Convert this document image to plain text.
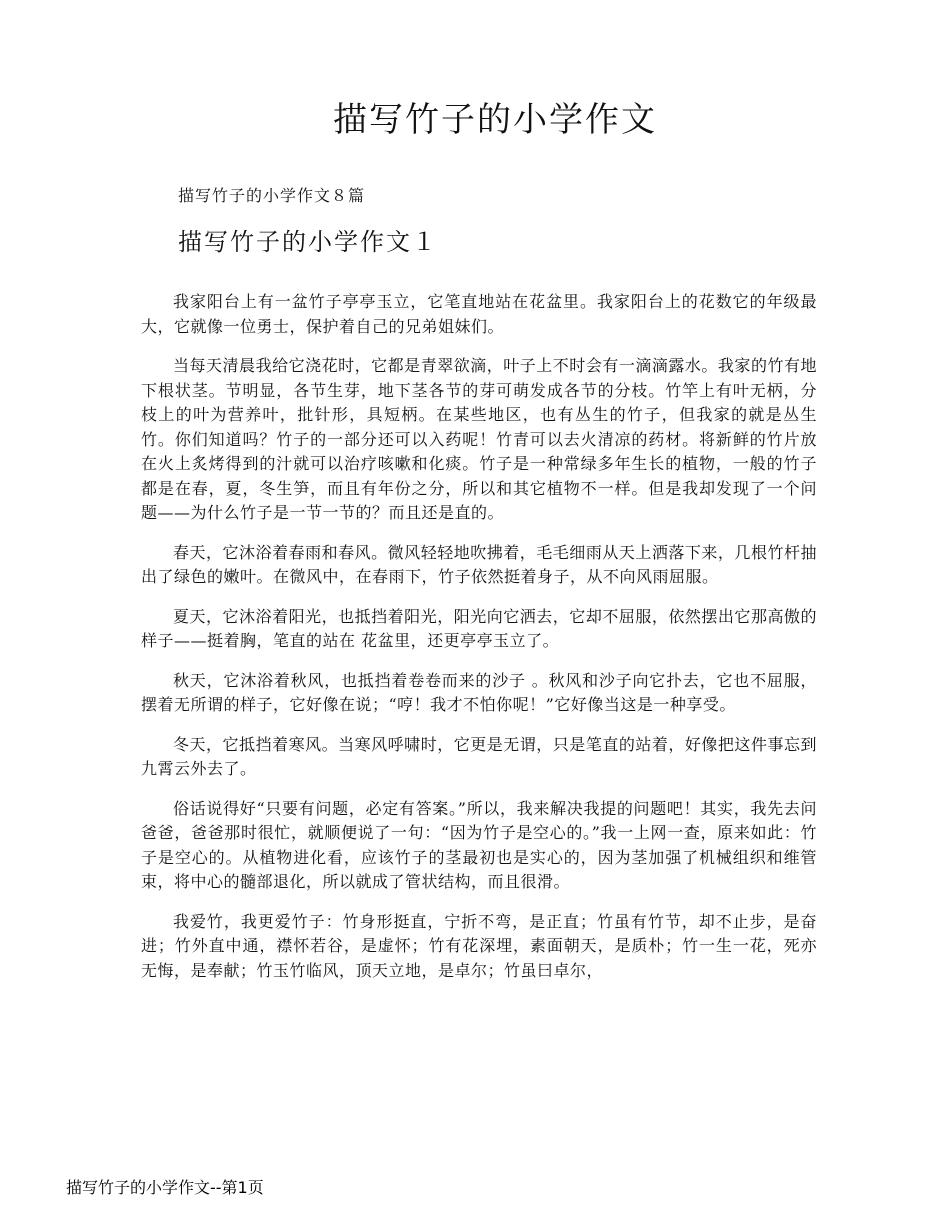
描写竹子的小学作文

描写竹子的小学作文８篇

描写竹子的小学作文１

我家阳台上有一盆竹子亭亭玉立，它笔直地站在花盆里。我家阳台上的花数它的年级最大，它就像一位勇士，保护着自己的兄弟姐妹们。

当每天清晨我给它浇花时，它都是青翠欲滴，叶子上不时会有一滴滴露水。我家的竹有地下根状茎。节明显，各节生芽，地下茎各节的芽可萌发成各节的分枝。竹竿上有叶无柄，分枝上的叶为营养叶，批针形，具短柄。在某些地区，也有丛生的竹子，但我家的就是丛生竹。你们知道吗？竹子的一部分还可以入药呢！竹青可以去火清凉的药材。将新鲜的竹片放在火上炙烤得到的汁就可以治疗咳嗽和化痰。竹子是一种常绿多年生长的植物，一般的竹子都是在春，夏，冬生笋，而且有年份之分，所以和其它植物不一样。但是我却发现了一个问题——为什么竹子是一节一节的？而且还是直的。

春天，它沐浴着春雨和春风。微风轻轻地吹拂着，毛毛细雨从天上洒落下来，几根竹杆抽出了绿色的嫩叶。在微风中，在春雨下，竹子依然挺着身子，从不向风雨屈服。

夏天，它沐浴着阳光，也抵挡着阳光，阳光向它洒去，它却不屈服，依然摆出它那高傲的样子——挺着胸，笔直的站在 花盆里，还更亭亭玉立了。

秋天，它沐浴着秋风，也抵挡着卷卷而来的沙子 。秋风和沙子向它扑去，它也不屈服，摆着无所谓的样子，它好像在说；“哼！我才不怕你呢！”它好像当这是一种享受。

冬天，它抵挡着寒风。当寒风呼啸时，它更是无谓，只是笔直的站着，好像把这件事忘到九霄云外去了。

俗话说得好“只要有问题，必定有答案。”所以，我来解决我提的问题吧！其实，我先去问爸爸，爸爸那时很忙，就顺便说了一句：“因为竹子是空心的。”我一上网一查，原来如此：竹子是空心的。从植物进化看，应该竹子的茎最初也是实心的，因为茎加强了机械组织和维管束，将中心的髓部退化，所以就成了管状结构，而且很滑。

我爱竹，我更爱竹子：竹身形挺直，宁折不弯，是正直；竹虽有竹节，却不止步，是奋进；竹外直中通，襟怀若谷，是虚怀；竹有花深埋，素面朝天，是质朴；竹一生一花，死亦无悔，是奉献；竹玉竹临风，顶天立地，是卓尔；竹虽曰卓尔，

描写竹子的小学作文--第1页
